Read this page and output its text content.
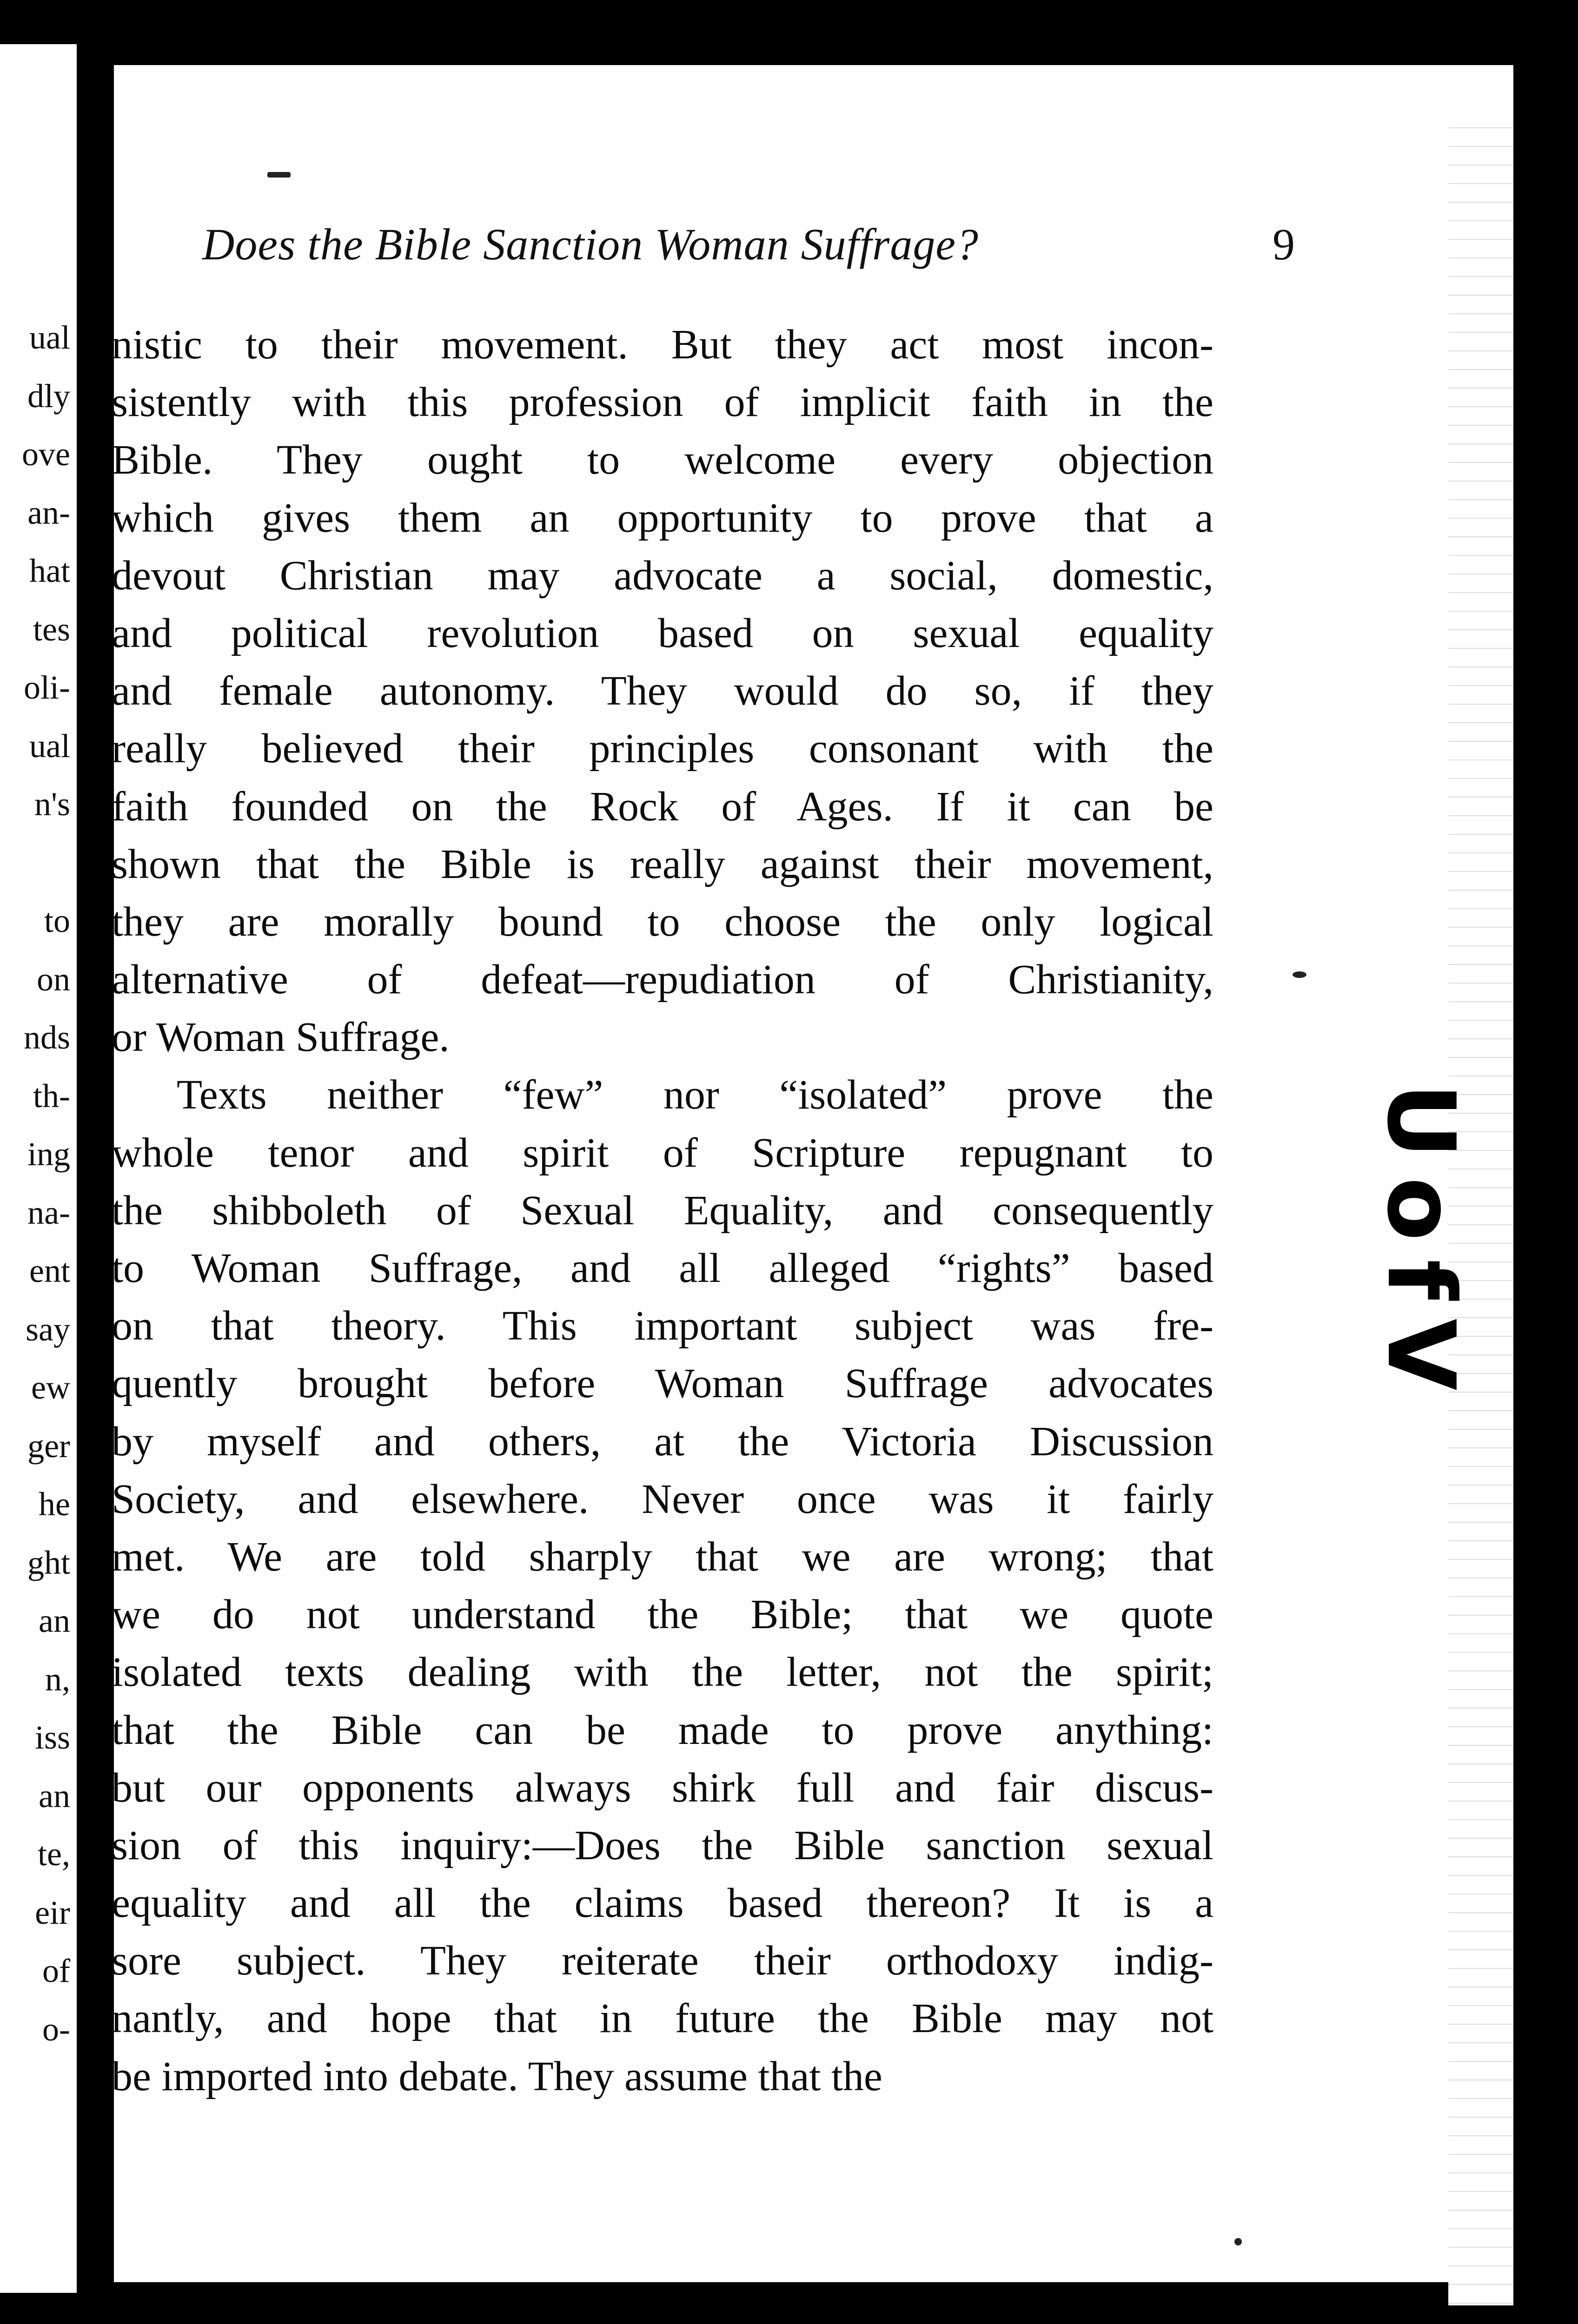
ual
dly
ove
an-
hat
tes
oli-
ual
n's
to
on
nds
th-
ing
na-
ent
say
ew
ger
he
ght
an
n,
iss
an
te,
eir
of
o-
Does the Bible Sanction Woman Suffrage?	9
nistic to their movement. But they act most incon-
sistently with this profession of implicit faith in the
Bible. They ought to welcome every objection
which gives them an opportunity to prove that a
devout Christian may advocate a social, domestic,
and political revolution based on sexual equality
and female autonomy. They would do so, if they
really believed their principles consonant with the
faith founded on the Rock of Ages. If it can be
shown that the Bible is really against their movement,
they are morally bound to choose the only logical
alternative of defeat—repudiation of Christianity,
or Woman Suffrage.
Texts neither “few” nor “isolated” prove the
whole tenor and spirit of Scripture repugnant to
the shibboleth of Sexual Equality, and consequently
to Woman Suffrage, and all alleged “rights” based
on that theory. This important subject was fre-
quently brought before Woman Suffrage advocates
by myself and others, at the Victoria Discussion
Society, and elsewhere. Never once was it fairly
met. We are told sharply that we are wrong; that
we do not understand the Bible; that we quote
isolated texts dealing with the letter, not the spirit;
that the Bible can be made to prove anything:
but our opponents always shirk full and fair discus-
sion of this inquiry:—Does the Bible sanction sexual
equality and all the claims based thereon? It is a
sore subject. They reiterate their orthodoxy indig-
nantly, and hope that in future the Bible may not
be imported into debate. They assume that the
UofV
